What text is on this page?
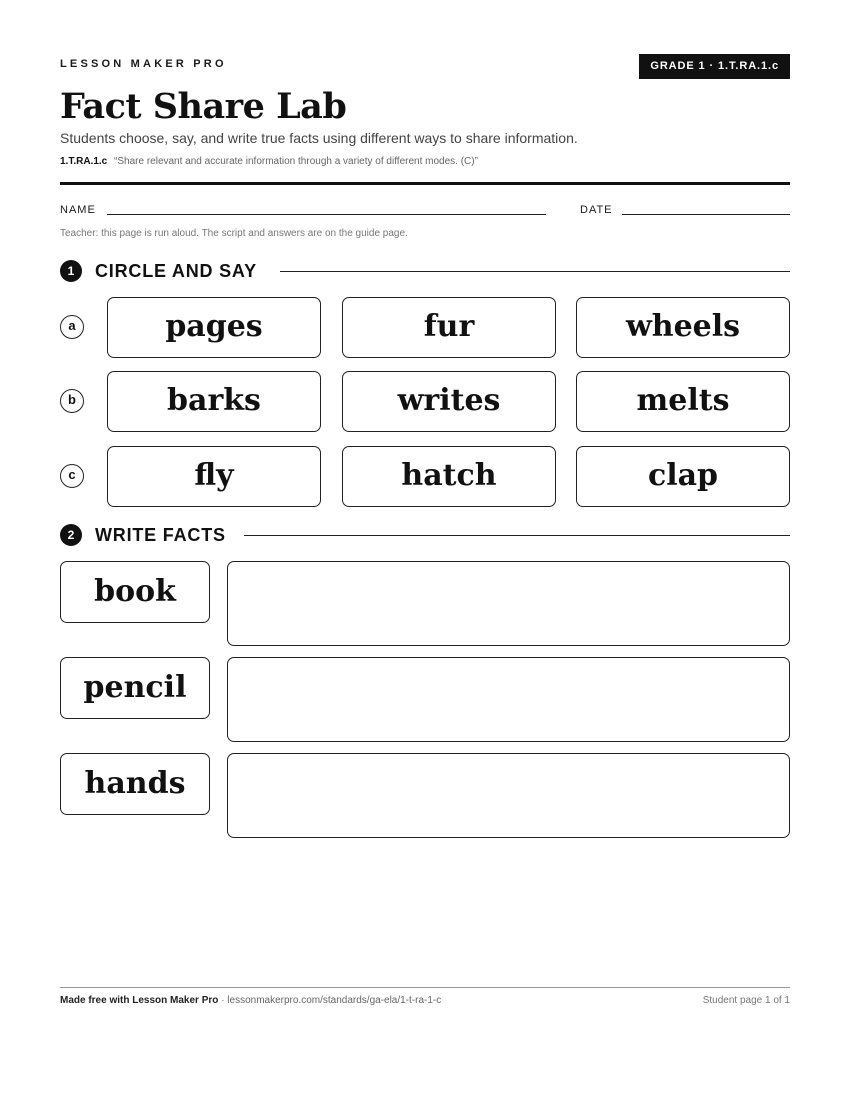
LESSON MAKER PRO	GRADE 1 · 1.T.RA.1.c
Fact Share Lab
Students choose, say, and write true facts using different ways to share information.
1.T.RA.1.c “Share relevant and accurate information through a variety of different modes. (C)”
NAME	DATE
Teacher: this page is run aloud. The script and answers are on the guide page.
1	CIRCLE AND SAY
a	pages	fur	wheels
b	barks	writes	melts
c	fly	hatch	clap
2	WRITE FACTS
book
pencil
hands
Made free with Lesson Maker Pro · lessonmakerpro.com/standards/ga-ela/1-t-ra-1-c	Student page 1 of 1
